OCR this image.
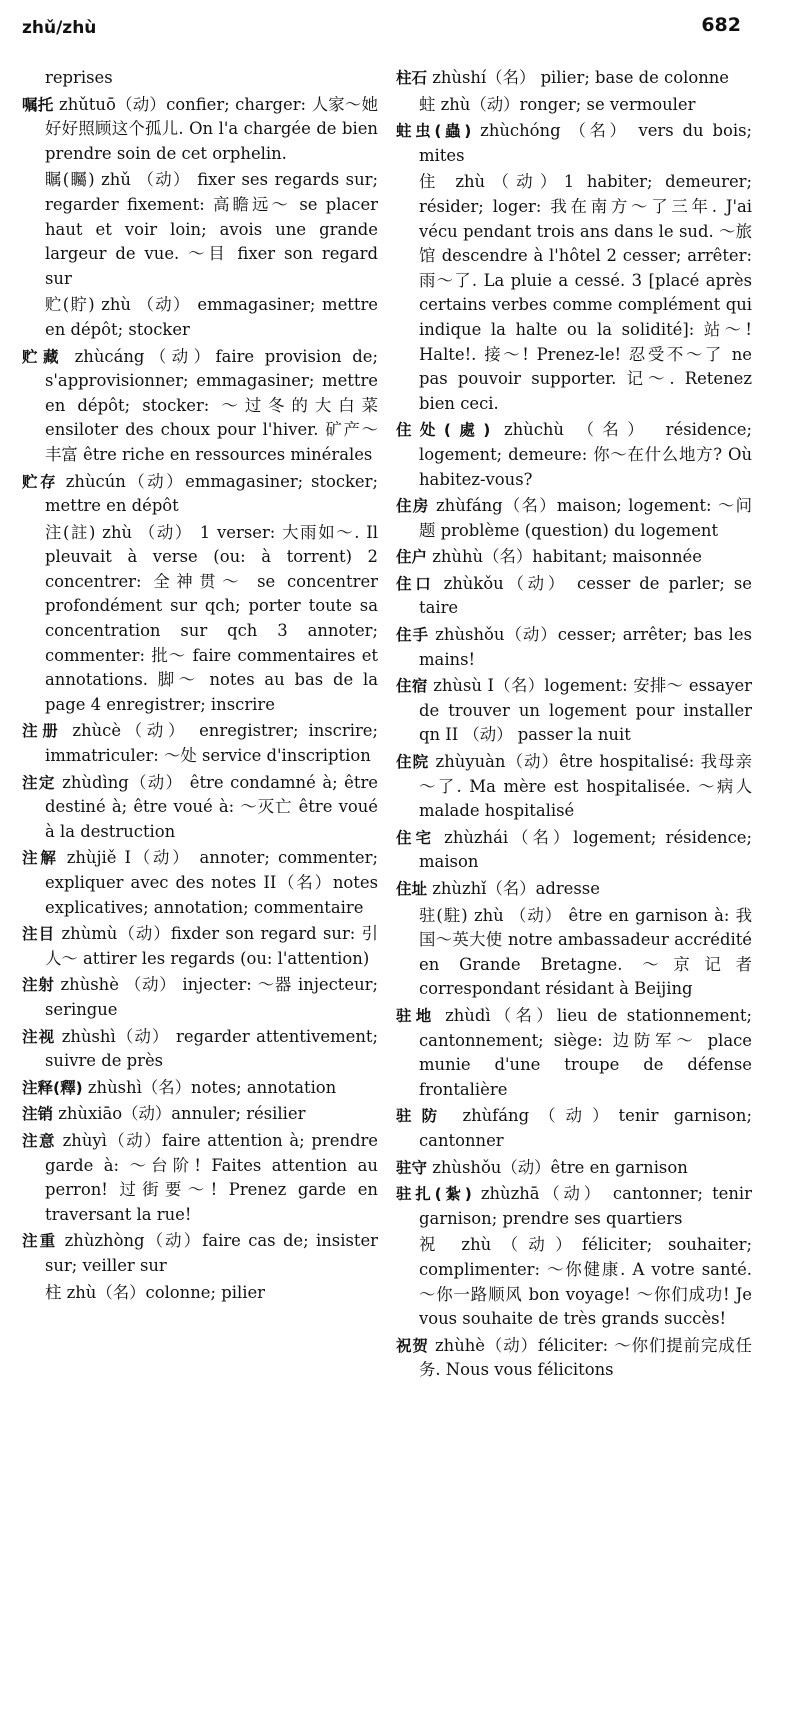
zhǔ/zhù	682
reprises
嘱托 zhǔtuō（动）confier; charger: 人家～她好好照顾这个孤儿. On l'a chargée de bien prendre soin de cet orphelin.
瞩(矚) zhǔ （动） fixer ses regards sur; regarder fixement: 高瞻远～ se placer haut et voir loin; avois une grande largeur de vue. ～目 fixer son regard sur
贮(貯) zhù （动） emmagasiner; mettre en dépôt; stocker
贮藏 zhùcáng（动）faire provision de; s'approvisionner; emmagasiner; mettre en dépôt; stocker: ～过冬的大白菜 ensiloter des choux pour l'hiver. 矿产～丰富 être riche en ressources minérales
贮存 zhùcún（动）emmagasiner; stocker; mettre en dépôt
注(註) zhù （动） 1 verser: 大雨如～. Il pleuvait à verse (ou: à torrent) 2 concentrer: 全神贯～ se concentrer profondément sur qch; porter toute sa concentration sur qch 3 annoter; commenter: 批～ faire commentaires et annotations. 脚～ notes au bas de la page 4 enregistrer; inscrire
注册 zhùcè（动） enregistrer; inscrire; immatriculer: ～处 service d'inscription
注定 zhùdìng（动） être condamné à; être destiné à; être voué à: ～灭亡 être voué à la destruction
注解 zhùjiě I（动） annoter; commenter; expliquer avec des notes II（名）notes explicatives; annotation; commentaire
注目 zhùmù（动）fixder son regard sur: 引人～ attirer les regards (ou: l'attention)
注射 zhùshè （动） injecter: ～器 injecteur; seringue
注视 zhùshì（动） regarder attentivement; suivre de près
注释(釋) zhùshì（名）notes; annotation
注销 zhùxiāo（动）annuler; résilier
注意 zhùyì（动）faire attention à; prendre garde à: ～台阶! Faites attention au perron! 过街要～! Prenez garde en traversant la rue!
注重 zhùzhòng（动）faire cas de; insister sur; veiller sur
柱 zhù（名）colonne; pilier
柱石 zhùshí（名） pilier; base de colonne
蛀 zhù（动）ronger; se vermouler
蛀虫(蟲) zhùchóng （名） vers du bois; mites
住 zhù（动）1 habiter; demeurer; résider; loger: 我在南方～了三年. J'ai vécu pendant trois ans dans le sud. ～旅馆 descendre à l'hôtel 2 cesser; arrêter: 雨～了. La pluie a cessé. 3 [placé après certains verbes comme complément qui indique la halte ou la solidité]: 站～! Halte!. 接～! Prenez-le! 忍受不～了 ne pas pouvoir supporter. 记～. Retenez bien ceci.
住处(處) zhùchù （名） résidence; logement; demeure: 你～在什么地方? Où habitez-vous?
住房 zhùfáng（名）maison; logement: ～问题 problème (question) du logement
住户 zhùhù（名）habitant; maisonnée
住口 zhùkǒu（动） cesser de parler; se taire
住手 zhùshǒu（动）cesser; arrêter; bas les mains!
住宿 zhùsù I（名）logement: 安排～ essayer de trouver un logement pour installer qn II （动） passer la nuit
住院 zhùyuàn（动）être hospitalisé: 我母亲～了. Ma mère est hospitalisée. ～病人 malade hospitalisé
住宅 zhùzhái（名）logement; résidence; maison
住址 zhùzhǐ（名）adresse
驻(駐) zhù （动） être en garnison à: 我国～英大使 notre ambassadeur accrédité en Grande Bretagne. ～京记者 correspondant résidant à Beijing
驻地 zhùdì（名）lieu de stationnement; cantonnement; siège: 边防军～ place munie d'une troupe de défense frontalière
驻防 zhùfáng（动）tenir garnison; cantonner
驻守 zhùshǒu（动）être en garnison
驻扎(紮) zhùzhā（动） cantonner; tenir garnison; prendre ses quartiers
祝 zhù（动）féliciter; souhaiter; complimenter: ～你健康. A votre santé. ～你一路顺风 bon voyage! ～你们成功! Je vous souhaite de très grands succès!
祝贺 zhùhè（动）féliciter: ～你们提前完成任务. Nous vous félicitons
